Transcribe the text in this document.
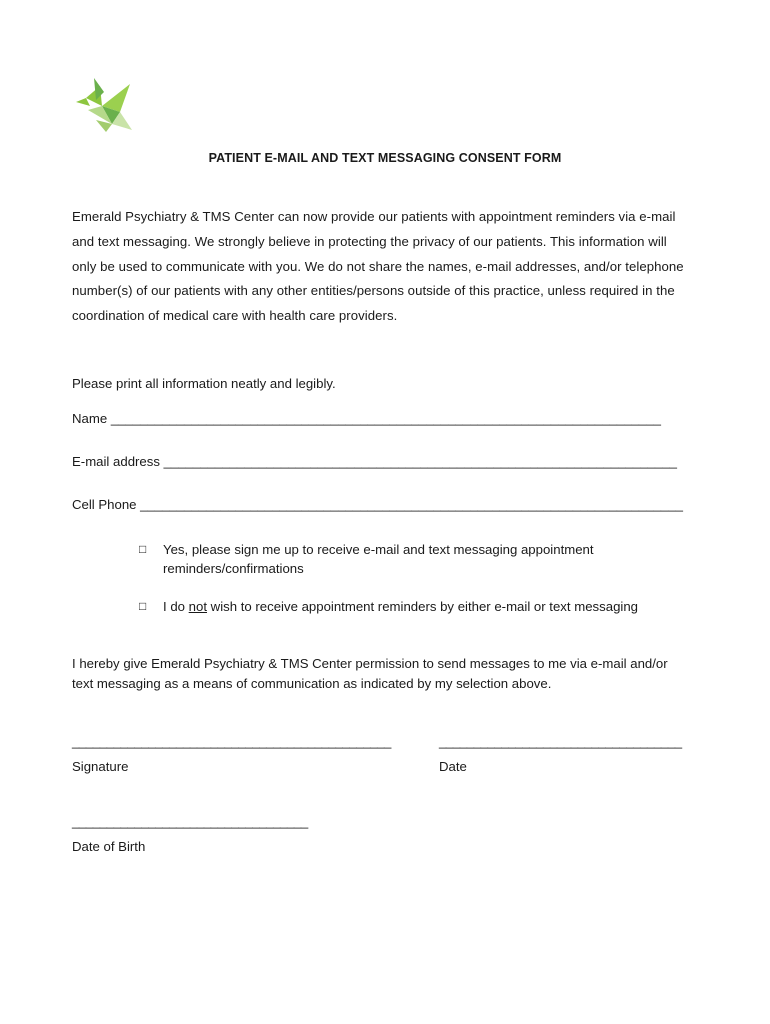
PATIENT E-MAIL AND TEXT MESSAGING CONSENT FORM
Emerald Psychiatry & TMS Center can now provide our patients with appointment reminders via e-mail
and text messaging. We strongly believe in protecting the privacy of our patients. This information will
only be used to communicate with you. We do not share the names, e-mail addresses, and/or telephone
number(s) of our patients with any other entities/persons outside of this practice, unless required in the
coordination of medical care with health care providers.
Please print all information neatly and legibly.
Name ___________________________________________________________________________
E-mail address ______________________________________________________________________
Cell Phone __________________________________________________________________________
□ Yes, please sign me up to receive e-mail and text messaging appointment
reminders/confirmations
□ I do not wish to receive appointment reminders by either e-mail or text messaging
I hereby give Emerald Psychiatry & TMS Center permission to send messages to me via e-mail and/or
text messaging as a means of communication as indicated by my selection above.
______________________________________________	___________________________________
Signature	Date
__________________________________
Date of Birth
